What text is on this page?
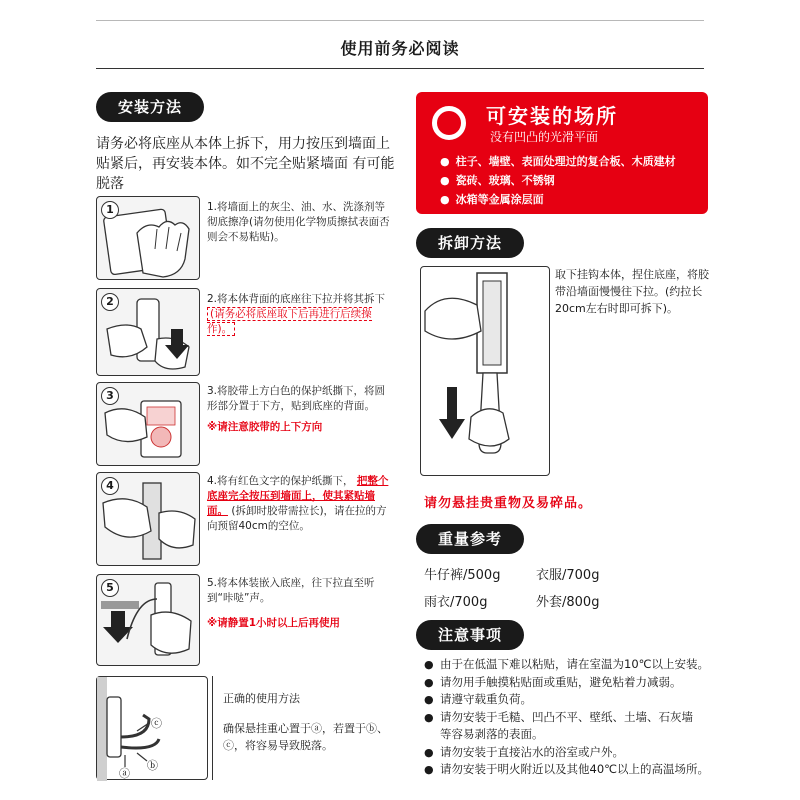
使用前务必阅读
安装方法
请务必将底座从本体上拆下，用力按压到墙面上贴紧后，再安装本体。如不完全贴紧墙面 有可能脱落
1	1.将墙面上的灰尘、油、水、洗涤剂等彻底擦净(请勿使用化学物质擦拭表面否则会不易粘贴)。
2	2.将本体背面的底座往下拉并将其拆下 (请务必将底座取下后再进行后续操作)。
3	3.将胶带上方白色的保护纸撕下，将圆形部分置于下方，贴到底座的背面。
※请注意胶带的上下方向
4	4.将有红色文字的保护纸撕下， 把整个底座完全按压到墙面上，使其紧贴墙面。 (拆卸时胶带需拉长)，请在拉的方向预留40cm的空位。
5	5.将本体装嵌入底座，往下拉直至听到“咔哒”声。
※请静置1小时以上后再使用
ⓒ
ⓑ
ⓐ
正确的使用方法
确保悬挂重心置于ⓐ，若置于ⓑ、ⓒ，将容易导致脱落。
可安装的场所
没有凹凸的光滑平面
● 柱子、墙壁、表面处理过的复合板、木质建材
● 瓷砖、玻璃、不锈钢
● 冰箱等金属涂层面
拆卸方法
取下挂钩本体，捏住底座，将胶带沿墙面慢慢往下拉。(约拉长20cm左右时即可拆下)。
请勿悬挂贵重物及易碎品。
重量参考
牛仔裤/500g	衣服/700g
雨衣/700g	外套/800g
注意事项
● 由于在低温下难以粘贴，请在室温为10℃以上安装。
● 请勿用手触摸粘贴面或重贴，避免粘着力减弱。
● 请遵守载重负荷。
● 请勿安装于毛糙、凹凸不平、壁纸、土墙、石灰墙
等容易剥落的表面。
● 请勿安装于直接沾水的浴室或户外。
● 请勿安装于明火附近以及其他40℃以上的高温场所。
